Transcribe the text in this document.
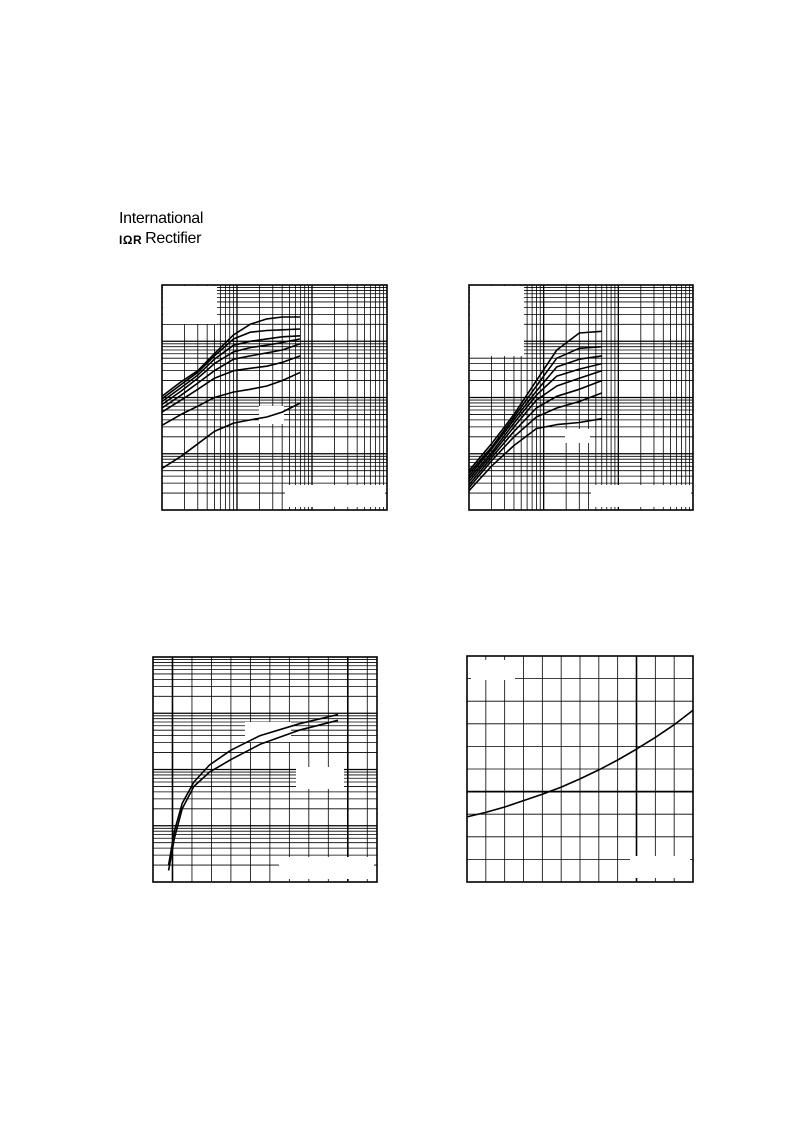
International
IΩR Rectifier
